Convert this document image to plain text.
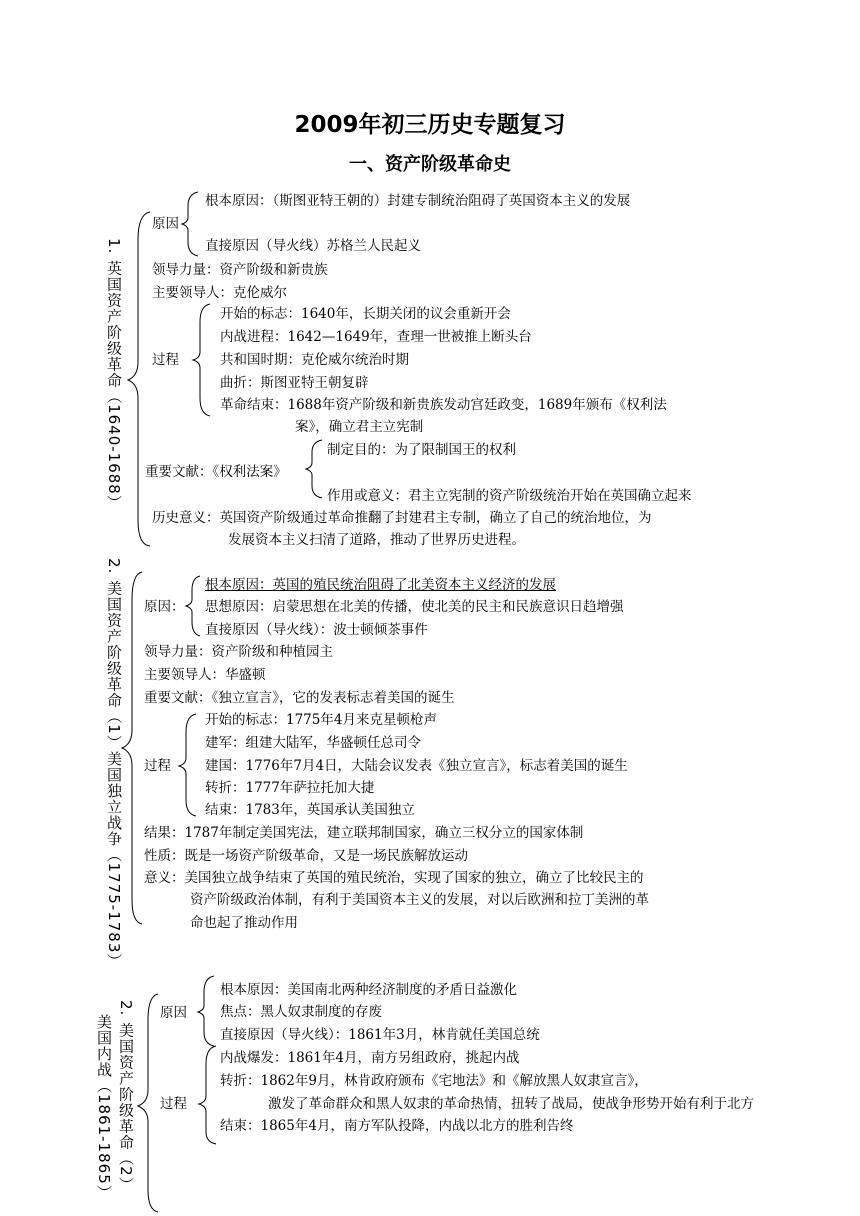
2009年初三历史专题复习
一、资产阶级革命史
1. 英国资产阶级革命（1640-1688）
原因
根本原因：（斯图亚特王朝的）封建专制统治阻碍了英国资本主义的发展
直接原因（导火线）苏格兰人民起义
领导力量：资产阶级和新贵族
主要领导人：克伦威尔
过程
开始的标志：1640年，长期关闭的议会重新开会
内战进程：1642—1649年，查理一世被推上断头台
共和国时期：克伦威尔统治时期
曲折：斯图亚特王朝复辟
革命结束：1688年资产阶级和新贵族发动宫廷政变，1689年颁布《权利法
案》，确立君主立宪制
重要文献：《权利法案》
制定目的：为了限制国王的权利
作用或意义：君主立宪制的资产阶级统治开始在英国确立起来
历史意义：英国资产阶级通过革命推翻了封建君主专制，确立了自己的统治地位，为
发展资本主义扫清了道路，推动了世界历史进程。
2. 美国资产阶级革命（1）美国独立战争（1775-1783） 原因：
根本原因：英国的殖民统治阻碍了北美资本主义经济的发展
思想原因：启蒙思想在北美的传播，使北美的民主和民族意识日趋增强
直接原因（导火线）：波士顿倾茶事件
领导力量：资产阶级和种植园主
主要领导人：华盛顿
重要文献：《独立宣言》，它的发表标志着美国的诞生
过程
开始的标志：1775年4月来克星顿枪声
建军：组建大陆军，华盛顿任总司令
建国：1776年7月4日，大陆会议发表《独立宣言》，标志着美国的诞生
转折：1777年萨拉托加大捷
结束：1783年，英国承认美国独立
结果：1787年制定美国宪法，建立联邦制国家，确立三权分立的国家体制
性质：既是一场资产阶级革命，又是一场民族解放运动
意义：美国独立战争结束了英国的殖民统治，实现了国家的独立，确立了比较民主的
资产阶级政治体制，有利于美国资本主义的发展，对以后欧洲和拉丁美洲的革
命也起了推动作用
2. 美国资产阶级革命（2）
美国内战（1861-1865）
原因
根本原因：美国南北两种经济制度的矛盾日益激化
焦点：黑人奴隶制度的存废
直接原因（导火线）：1861年3月，林肯就任美国总统
过程
内战爆发：1861年4月，南方另组政府，挑起内战
转折：1862年9月，林肯政府颁布《宅地法》和《解放黑人奴隶宣言》，
激发了革命群众和黑人奴隶的革命热情，扭转了战局，使战争形势开始有利于北方
结束：1865年4月，南方军队投降，内战以北方的胜利告终
